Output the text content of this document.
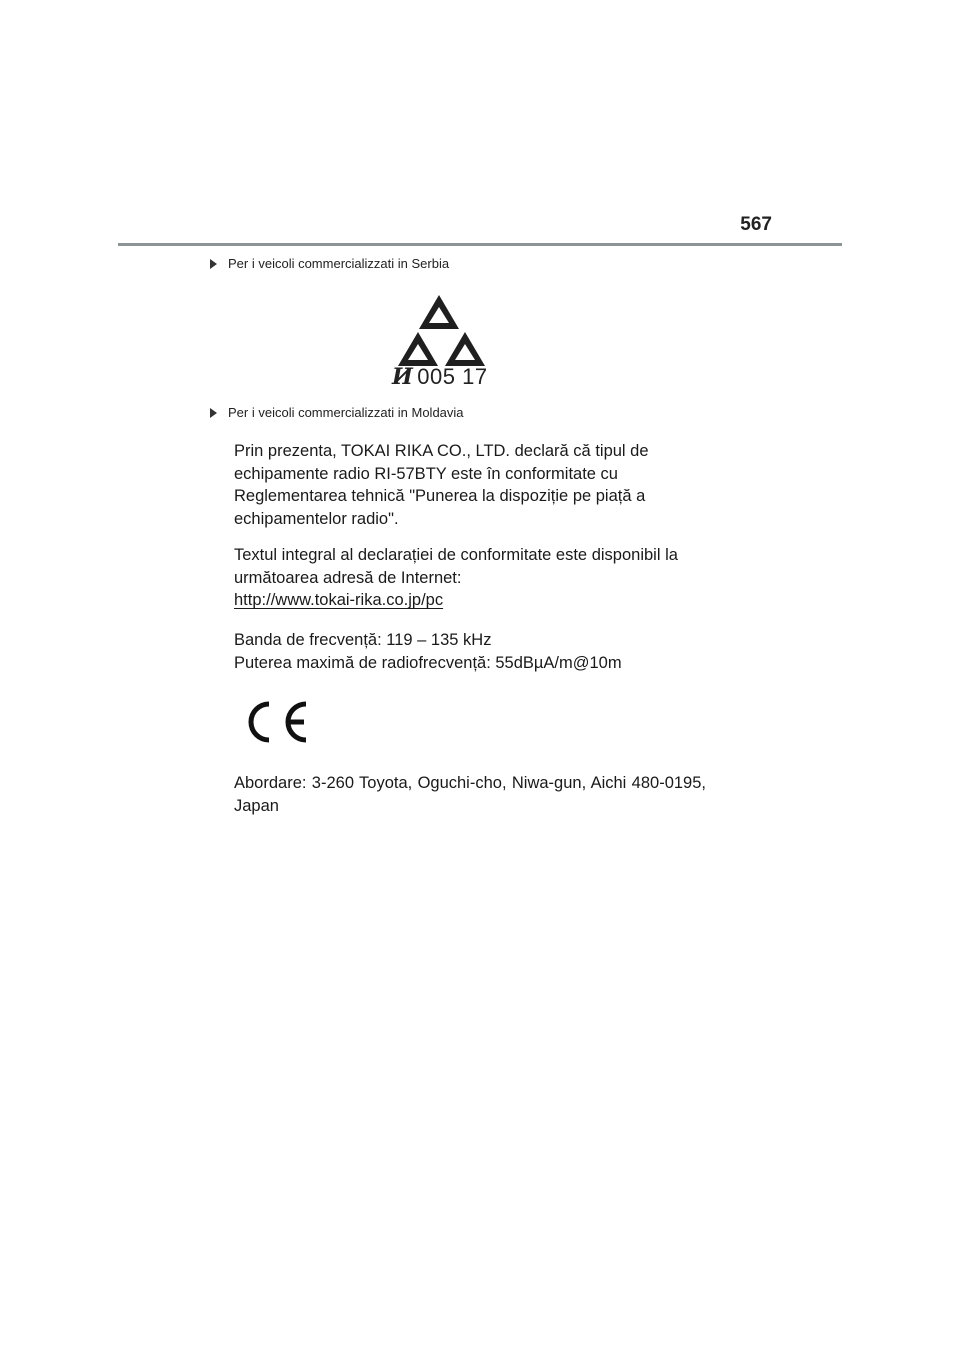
567
Per i veicoli commercializzati in Serbia
И 005 17
Per i veicoli commercializzati in Moldavia

Prin prezenta, TOKAI RIKA CO., LTD. declară că tipul de echipamente radio RI-57BTY este în conformitate cu Reglementarea tehnică "Punerea la dispoziție pe piață a echipamentelor radio".

Textul integral al declarației de conformitate este disponibil la următoarea adresă de Internet:

http://www.tokai-rika.co.jp/pc

Banda de frecvență: 119 – 135 kHz

Puterea maximă de radiofrecvență: 55dBµA/m@10m

Abordare: 3-260 Toyota, Oguchi-cho, Niwa-gun, Aichi 480-0195, Japan
